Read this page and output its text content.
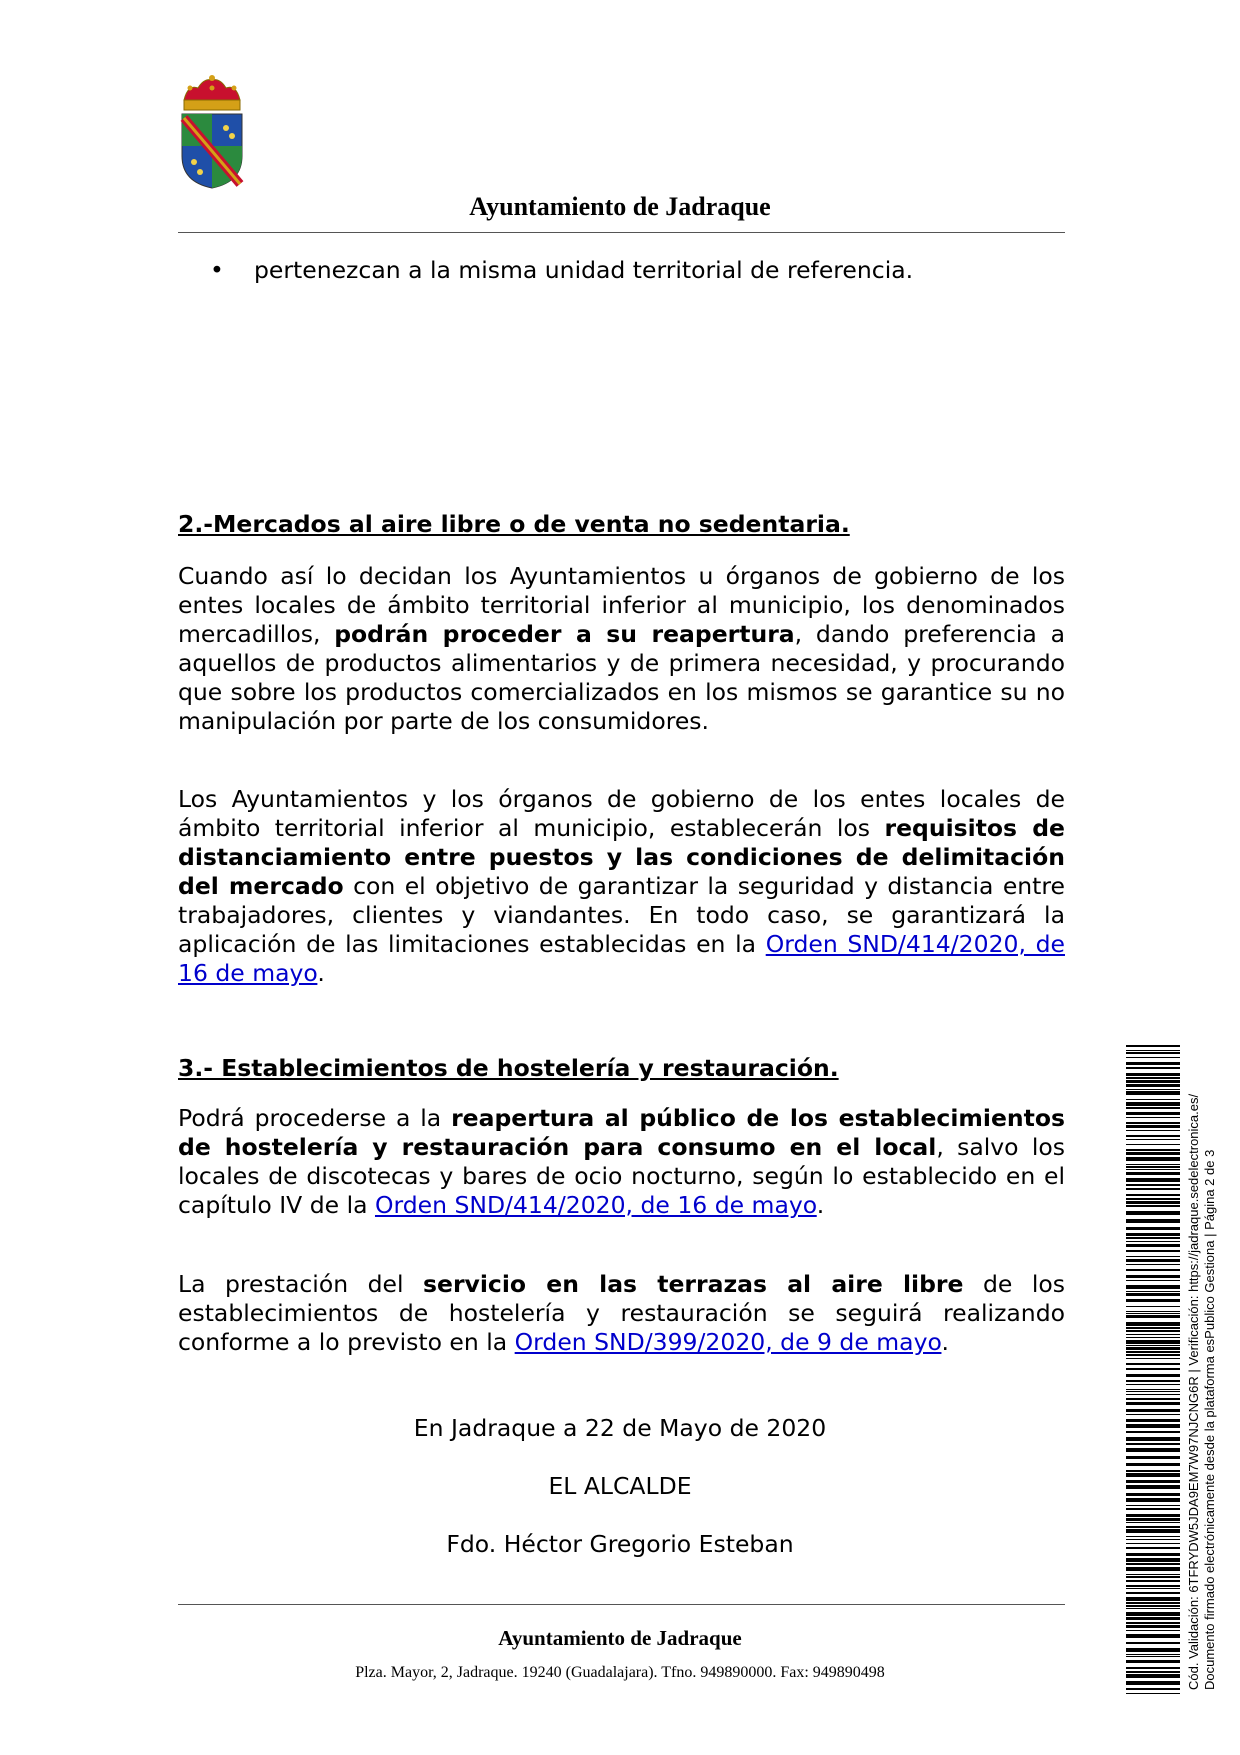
Ayuntamiento de Jadraque
• pertenezcan a la misma unidad territorial de referencia.

2.-Mercados al aire libre o de venta no sedentaria.

Cuando así lo decidan los Ayuntamientos u órganos de gobierno de los entes locales de ámbito territorial inferior al municipio, los denominados mercadillos, podrán proceder a su reapertura, dando preferencia a aquellos de productos alimentarios y de primera necesidad, y procurando que sobre los productos comercializados en los mismos se garantice su no manipulación por parte de los consumidores.

Los Ayuntamientos y los órganos de gobierno de los entes locales de ámbito territorial inferior al municipio, establecerán los requisitos de distanciamiento entre puestos y las condiciones de delimitación del mercado con el objetivo de garantizar la seguridad y distancia entre trabajadores, clientes y viandantes. En todo caso, se garantizará la aplicación de las limitaciones establecidas en la Orden SND/414/2020, de 16 de mayo.

3.- Establecimientos de hostelería y restauración.

Podrá procederse a la reapertura al público de los establecimientos de hostelería y restauración para consumo en el local, salvo los locales de discotecas y bares de ocio nocturno, según lo establecido en el capítulo IV de la Orden SND/414/2020, de 16 de mayo.

La prestación del servicio en las terrazas al aire libre de los establecimientos de hostelería y restauración se seguirá realizando conforme a lo previsto en la Orden SND/399/2020, de 9 de mayo.

En Jadraque a 22 de Mayo de 2020
EL ALCALDE
Fdo. Héctor Gregorio Esteban
Ayuntamiento de Jadraque
Plza. Mayor, 2, Jadraque. 19240 (Guadalajara). Tfno. 949890000. Fax: 949890498	Cód. Validación: 6TFRYDW5JDA9EM7W97NJCNG6R | Verificación: https://jadraque.sedelectronica.es/ Documento firmado electrónicamente desde la plataforma esPublico Gestiona | Página 2 de 3
